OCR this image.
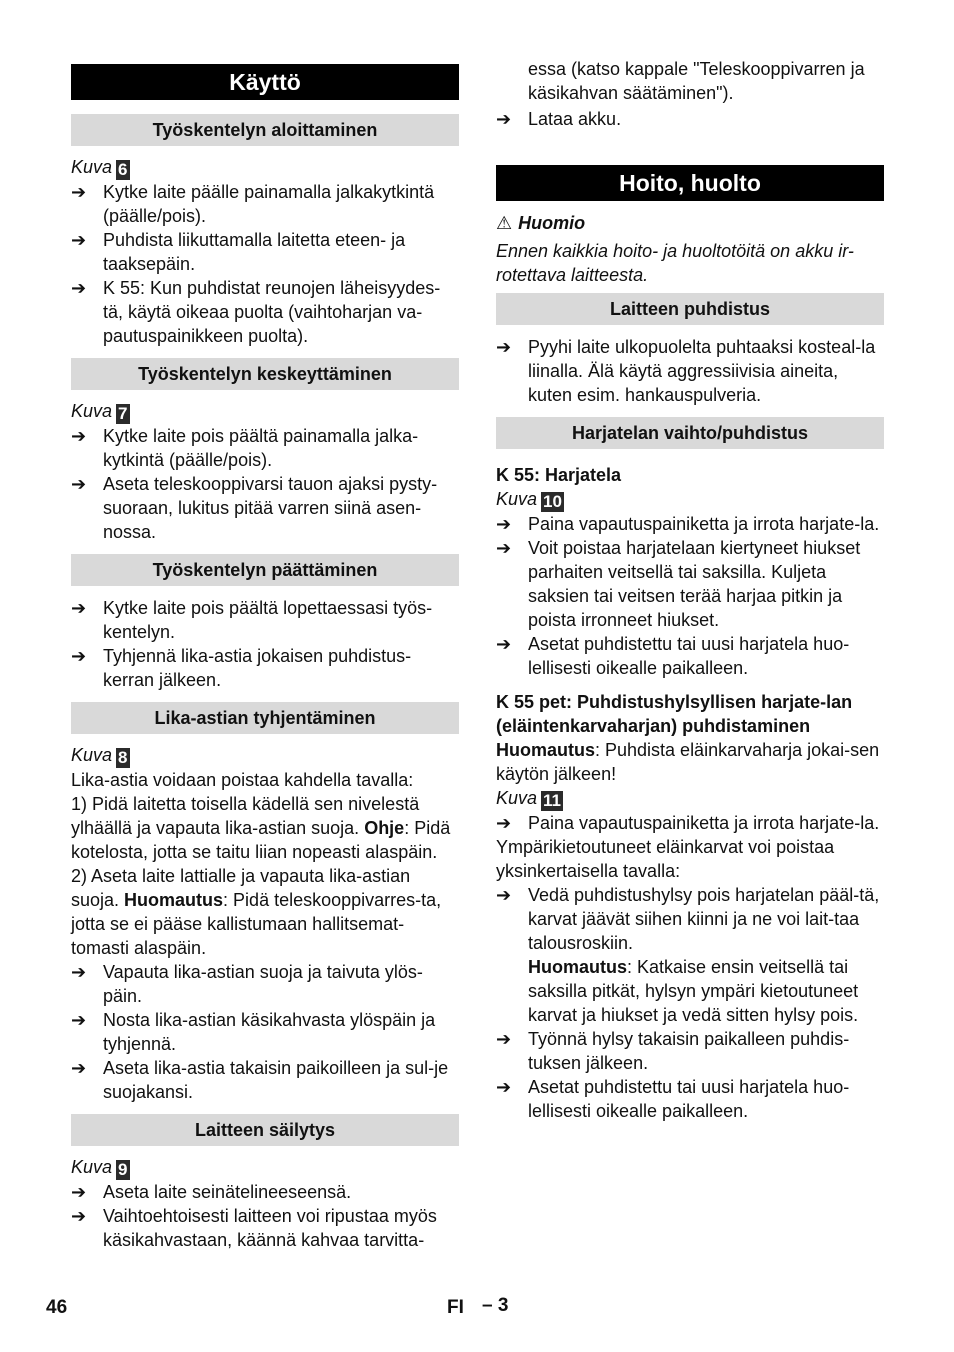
Käyttö
Työskentelyn aloittaminen
Kuva 6
➔ Kytke laite päälle painamalla jalkakytkintä (päälle/pois).
➔ Puhdista liikuttamalla laitetta eteen- ja taaksepäin.
➔ K 55: Kun puhdistat reunojen läheisyydes-tä, käytä oikeaa puolta (vaihtoharjan va-pautuspainikkeen puolta).
Työskentelyn keskeyttäminen
Kuva 7
➔ Kytke laite pois päältä painamalla jalka-kytkintä (päälle/pois).
➔ Aseta teleskooppivarsi tauon ajaksi pysty-suoraan, lukitus pitää varren siinä asen-nossa.
Työskentelyn päättäminen
➔ Kytke laite pois päältä lopettaessasi työs-kentelyn.
➔ Tyhjennä lika-astia jokaisen puhdistus-kerran jälkeen.
Lika-astian tyhjentäminen
Kuva 8
Lika-astia voidaan poistaa kahdella tavalla:
1) Pidä laitetta toisella kädellä sen nivelestä ylhäällä ja vapauta lika-astian suoja. Ohje: Pidä kotelosta, jotta se taitu liian nopeasti alaspäin.
2) Aseta laite lattialle ja vapauta lika-astian suoja. Huomautus: Pidä teleskooppivarres-ta, jotta se ei pääse kallistumaan hallitsemat-tomasti alaspäin.
➔ Vapauta lika-astian suoja ja taivuta ylös-päin.
➔ Nosta lika-astian käsikahvasta ylöspäin ja tyhjennä.
➔ Aseta lika-astia takaisin paikoilleen ja sul-je suojakansi.
Laitteen säilytys
Kuva 9
➔ Aseta laite seinätelineeseensä.
➔ Vaihtoehtoisesti laitteen voi ripustaa myös käsikahvastaan, käännä kahvaa tarvitta-
essa (katso kappale "Teleskooppivarren ja käsikahvan säätäminen").
➔ Lataa akku.
Hoito, huolto
⚠ Huomio
Ennen kaikkia hoito- ja huoltotöitä on akku ir-rotettava laitteesta.
Laitteen puhdistus
➔ Pyyhi laite ulkopuolelta puhtaaksi kosteal-la liinalla. Älä käytä aggressiivisia aineita, kuten esim. hankauspulveria.
Harjatelan vaihto/puhdistus
K 55: Harjatela
Kuva 10
➔ Paina vapautuspainiketta ja irrota harjate-la.
➔ Voit poistaa harjatelaan kiertyneet hiukset parhaiten veitsellä tai saksilla. Kuljeta saksien tai veitsen terää harjaa pitkin ja poista irronneet hiukset.
➔ Asetat puhdistettu tai uusi harjatela huo-lellisesti oikealle paikalleen.
K 55 pet: Puhdistushylsyllisen harjate-lan (eläintenkarvaharjan) puhdistaminen
Huomautus: Puhdista eläinkarvaharja jokai-sen käytön jälkeen!
Kuva 11
➔ Paina vapautuspainiketta ja irrota harjate-la.
Ympärikietoutuneet eläinkarvat voi poistaa yksinkertaisella tavalla:
➔ Vedä puhdistushylsy pois harjatelan pääl-tä, karvat jäävät siihen kiinni ja ne voi lait-taa talousroskiin.
Huomautus: Katkaise ensin veitsellä tai saksilla pitkät, hylsyn ympäri kietoutuneet karvat ja hiukset ja vedä sitten hylsy pois.
➔ Työnnä hylsy takaisin paikalleen puhdis-tuksen jälkeen.
➔ Asetat puhdistettu tai uusi harjatela huo-lellisesti oikealle paikalleen.
46	FI – 3
